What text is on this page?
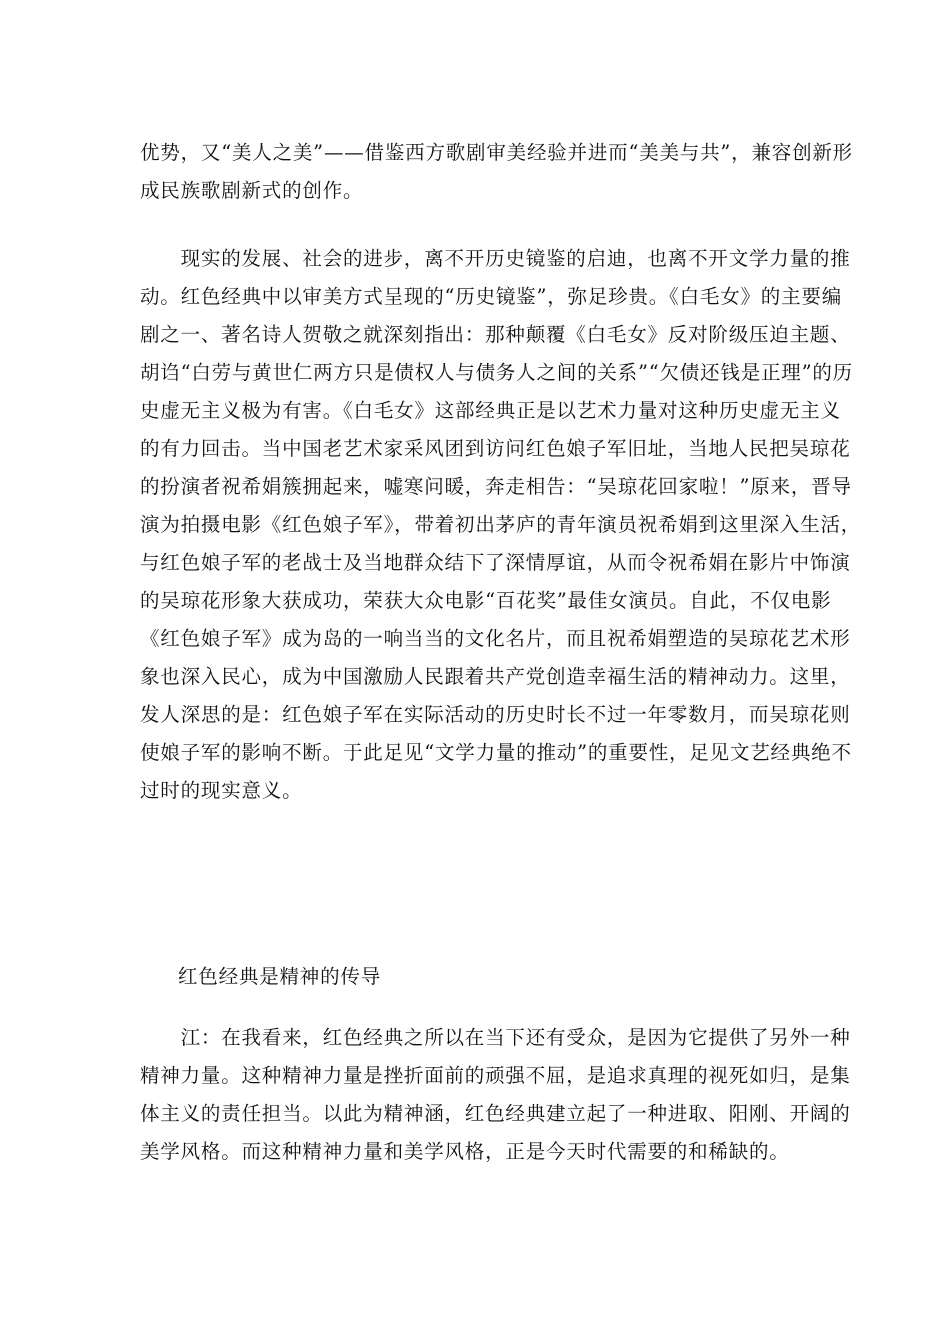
优势，又“美人之美”——借鉴西方歌剧审美经验并进而“美美与共”，兼容创新形
成民族歌剧新式的创作。

　　现实的发展、社会的进步，离不开历史镜鉴的启迪，也离不开文学力量的推
动。红色经典中以审美方式呈现的“历史镜鉴”，弥足珍贵。《白毛女》的主要编
剧之一、著名诗人贺敬之就深刻指出：那种颠覆《白毛女》反对阶级压迫主题、
胡诌“白劳与黄世仁两方只是债权人与债务人之间的关系”“欠债还钱是正理”的历
史虚无主义极为有害。《白毛女》这部经典正是以艺术力量对这种历史虚无主义
的有力回击。当中国老艺术家采风团到访问红色娘子军旧址，当地人民把吴琼花
的扮演者祝希娟簇拥起来，嘘寒问暖，奔走相告：“吴琼花回家啦！”原来，晋导
演为拍摄电影《红色娘子军》，带着初出茅庐的青年演员祝希娟到这里深入生活，
与红色娘子军的老战士及当地群众结下了深情厚谊，从而令祝希娟在影片中饰演
的吴琼花形象大获成功，荣获大众电影“百花奖”最佳女演员。自此，不仅电影
《红色娘子军》成为岛的一响当当的文化名片，而且祝希娟塑造的吴琼花艺术形
象也深入民心，成为中国激励人民跟着共产党创造幸福生活的精神动力。这里，
发人深思的是：红色娘子军在实际活动的历史时长不过一年零数月，而吴琼花则
使娘子军的影响不断。于此足见“文学力量的推动”的重要性，足见文艺经典绝不
过时的现实意义。

红色经典是精神的传导

　　江：在我看来，红色经典之所以在当下还有受众，是因为它提供了另外一种
精神力量。这种精神力量是挫折面前的顽强不屈，是追求真理的视死如归，是集
体主义的责任担当。以此为精神涵，红色经典建立起了一种进取、阳刚、开阔的
美学风格。而这种精神力量和美学风格，正是今天时代需要的和稀缺的。
